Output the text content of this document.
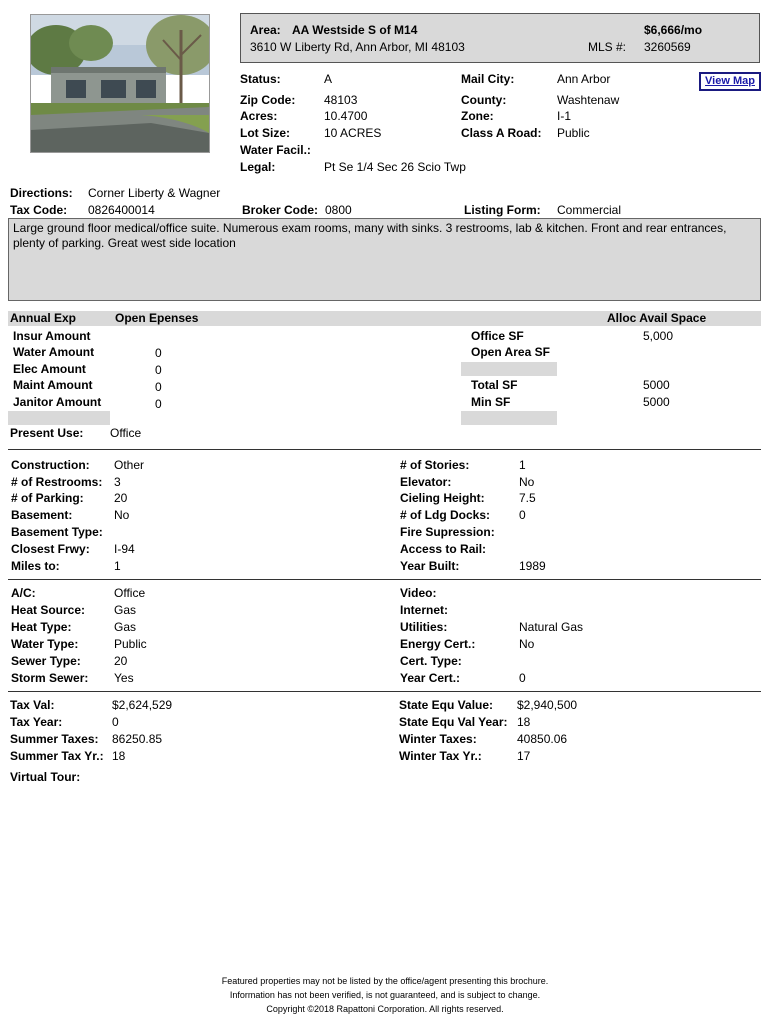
Area: AA Westside S of M14
3610 W Liberty Rd, Ann Arbor, MI 48103
$6,666/mo
MLS #: 3260569
View Map
Status:	A
Zip Code: 48103
Acres:	10.4700
Lot Size:	10 ACRES
Water Facil.:
Legal:	Pt Se 1/4 Sec 26 Scio Twp
Mail City:	Ann Arbor
County:	Washtenaw
Zone:	I-1
Class A Road: Public
Directions: Corner Liberty & Wagner
Tax Code: 0826400014	Broker Code: 0800	Listing Form: Commercial
Large ground floor medical/office suite. Numerous exam rooms, many with sinks. 3 restrooms, lab & kitchen. Front and rear entrances, plenty of parking. Great west side location
Annual Exp	Open Epenses	Alloc Avail Space
Insur Amount
Water Amount	0
Elec Amount	0
Maint Amount	0
Janitor Amount	0
Office SF	5,000
Open Area SF
Total SF	5000
Min SF	5000
Present Use: Office
Construction: Other
# of Restrooms: 3
# of Parking:	20
Basement:	No
Basement Type:
Closest Frwy: I-94
Miles to:	1
# of Stories:	1
Elevator:	No
Cieling Height:	7.5
# of Ldg Docks: 0
Fire Supression:
Access to Rail:
Year Built:	1989
A/C:	Office
Heat Source: Gas
Heat Type:	Gas
Water Type:	Public
Sewer Type:	20
Storm Sewer: Yes
Video:
Internet:
Utilities:	Natural Gas
Energy Cert.:	No
Cert. Type:
Year Cert.:	0
Tax Val:	$2,624,529
Tax Year:	0
Summer Taxes: 86250.85
Summer Tax Yr.: 18
State Equ Value: $2,940,500
State Equ Val Year: 18
Winter Taxes:	40850.06
Winter Tax Yr.:	17
Virtual Tour:
Featured properties may not be listed by the office/agent presenting this brochure.
Information has not been verified, is not guaranteed, and is subject to change.
Copyright ©2018 Rapattoni Corporation. All rights reserved.
